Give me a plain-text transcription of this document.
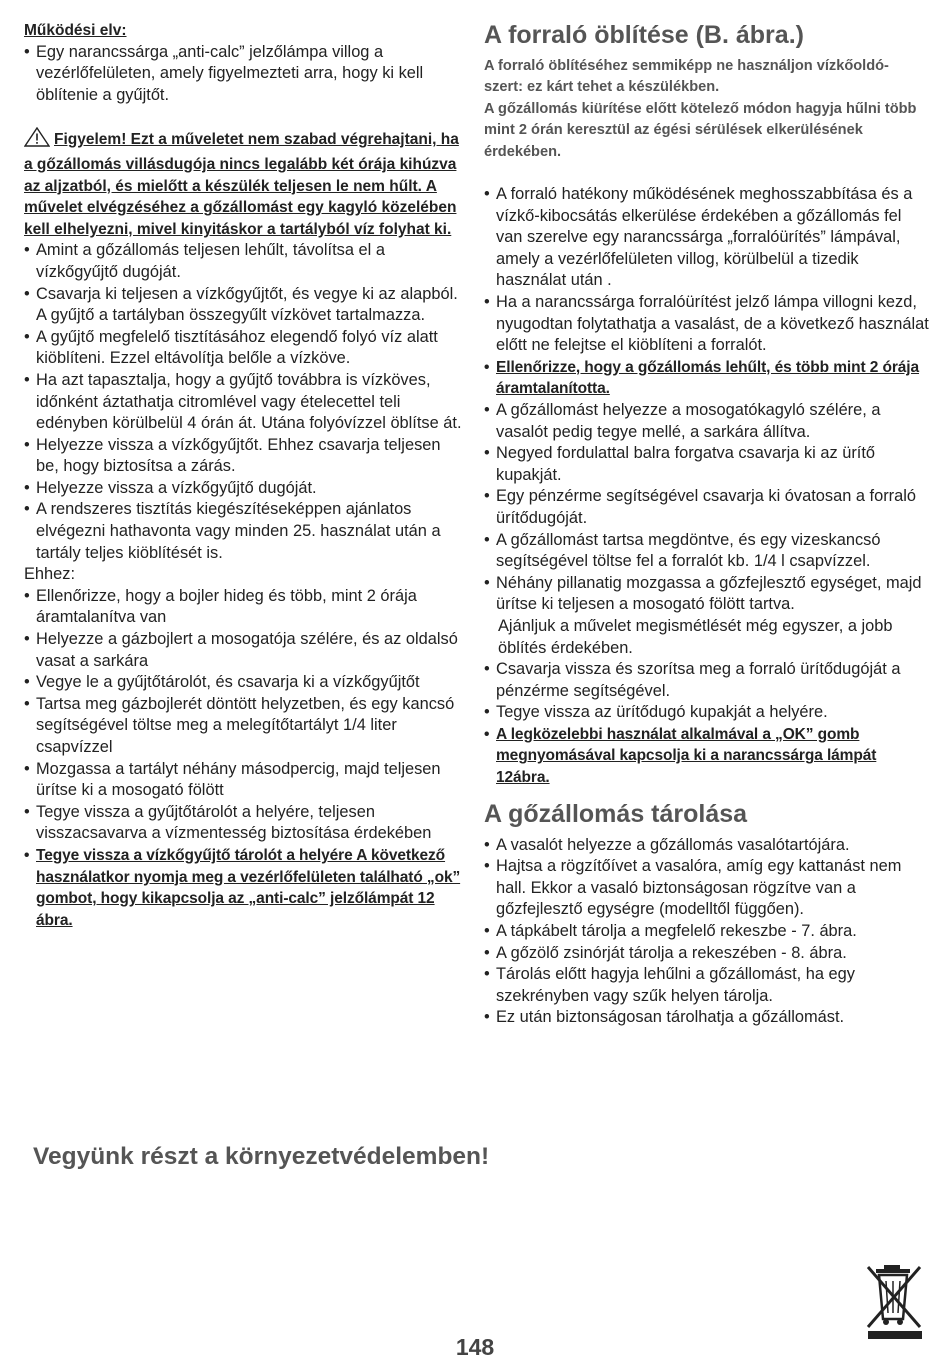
Működési elv:
• Egy narancssárga „anti-calc” jelzőlámpa villog a vezérlőfelületen, amely figyelmezteti arra, hogy ki kell öblítenie a gyűjtőt.
Figyelem! Ezt a műveletet nem szabad végrehajtani, ha a gőzállomás villásdugója nincs legalább két órája kihúzva az aljzatból, és mielőtt a készülék teljesen le nem hűlt. A művelet elvégzéséhez a gőzállomást egy kagyló közelében kell elhelyezni, mivel kinyitáskor a tartályból víz folyhat ki.
• Amint a gőzállomás teljesen lehűlt, távolítsa el a vízkőgyűjtő dugóját.
• Csavarja ki teljesen a vízkőgyűjtőt, és vegye ki az alapból. A gyűjtő a tartályban összegyűlt vízkövet tartalmazza.
• A gyűjtő megfelelő tisztításához elegendő folyó víz alatt kiöblíteni. Ezzel eltávolítja belőle a vízköve.
• Ha azt tapasztalja, hogy a gyűjtő továbbra is vízköves, időnként áztathatja citromlével vagy ételecettel teli edényben körülbelül 4 órán át. Utána folyóvízzel öblítse át.
• Helyezze vissza a vízkőgyűjtőt. Ehhez csavarja teljesen be, hogy biztosítsa a zárás.
• Helyezze vissza a vízkőgyűjtő dugóját.
• A rendszeres tisztítás kiegészítéseképpen ajánlatos elvégezni hathavonta vagy minden 25. használat után a tartály teljes kiöblítését is.
Ehhez:
• Ellenőrizze, hogy a bojler hideg és több, mint 2 órája áramtalanítva van
• Helyezze a gázbojlert a mosogatója szélére, és az oldalsó vasat a sarkára
• Vegye le a gyűjtőtárolót, és csavarja ki a vízkőgyűjtőt
• Tartsa meg gázbojlerét döntött helyzetben, és egy kancsó segítségével töltse meg a melegítőtartályt 1/4 liter csapvízzel
• Mozgassa a tartályt néhány másodpercig, majd teljesen ürítse ki a mosogató fölött
• Tegye vissza a gyűjtőtárolót a helyére, teljesen visszacsavarva a vízmentesség biztosítása érdekében
• Tegye vissza a vízkőgyűjtő tárolót a helyére A következő használatkor nyomja meg a vezérlőfelületen található „ok” gombot, hogy kikapcsolja az „anti-calc” jelzőlámpát 12 ábra.
A forraló öblítése (B. ábra.)
A forraló öblítéséhez semmiképp ne használjon vízkőoldó- szert: ez kárt tehet a készülékben.
A gőzállomás kiürítése előtt kötelező módon hagyja hűlni több mint 2 órán keresztül az égési sérülések elkerülésének érdekében.
• A forraló hatékony működésének meghosszabbítása és a vízkő-kibocsátás elkerülése érdekében a gőzállomás fel van szerelve egy narancssárga „forralóürítés” lámpával, amely a vezérlőfelületen villog, körülbelül a tizedik használat után .
• Ha a narancssárga forralóürítést jelző lámpa villogni kezd, nyugodtan folytathatja a vasalást, de a következő használat előtt ne felejtse el kiöblíteni a forralót.
• Ellenőrizze, hogy a gőzállomás lehűlt, és több mint 2 órája áramtalanította.
• A gőzállomást helyezze a mosogatókagyló szélére, a vasalót pedig tegye mellé, a sarkára állítva.
• Negyed fordulattal balra forgatva csavarja ki az ürítő kupakját.
• Egy pénzérme segítségével csavarja ki óvatosan a forraló ürítődugóját.
• A gőzállomást tartsa megdöntve, és egy vizeskancsó segítségével töltse fel a forralót kb. 1/4 l csapvízzel.
• Néhány pillanatig mozgassa a gőzfejlesztő egységet, majd ürítse ki teljesen a mosogató fölött tartva.
Ajánljuk a művelet megismétlését még egyszer, a jobb öblítés érdekében.
• Csavarja vissza és szorítsa meg a forraló ürítődugóját a pénzérme segítségével.
• Tegye vissza az ürítődugó kupakját a helyére.
• A legközelebbi használat alkalmával a „OK” gomb megnyomásával kapcsolja ki a narancssárga lámpát 12ábra.
A gőzállomás tárolása
• A vasalót helyezze a gőzállomás vasalótartójára.
• Hajtsa a rögzítőívet a vasalóra, amíg egy kattanást nem hall. Ekkor a vasaló biztonságosan rögzítve van a gőzfejlesztő egységre (modelltől függően).
• A tápkábelt tárolja a megfelelő rekeszbe - 7. ábra.
• A gőzölő zsinórját tárolja a rekeszében - 8. ábra.
• Tárolás előtt hagyja lehűlni a gőzállomást, ha egy szekrényben vagy szűk helyen tárolja.
• Ez után biztonságosan tárolhatja a gőzállomást.
Vegyünk részt a környezetvédelemben!
148
